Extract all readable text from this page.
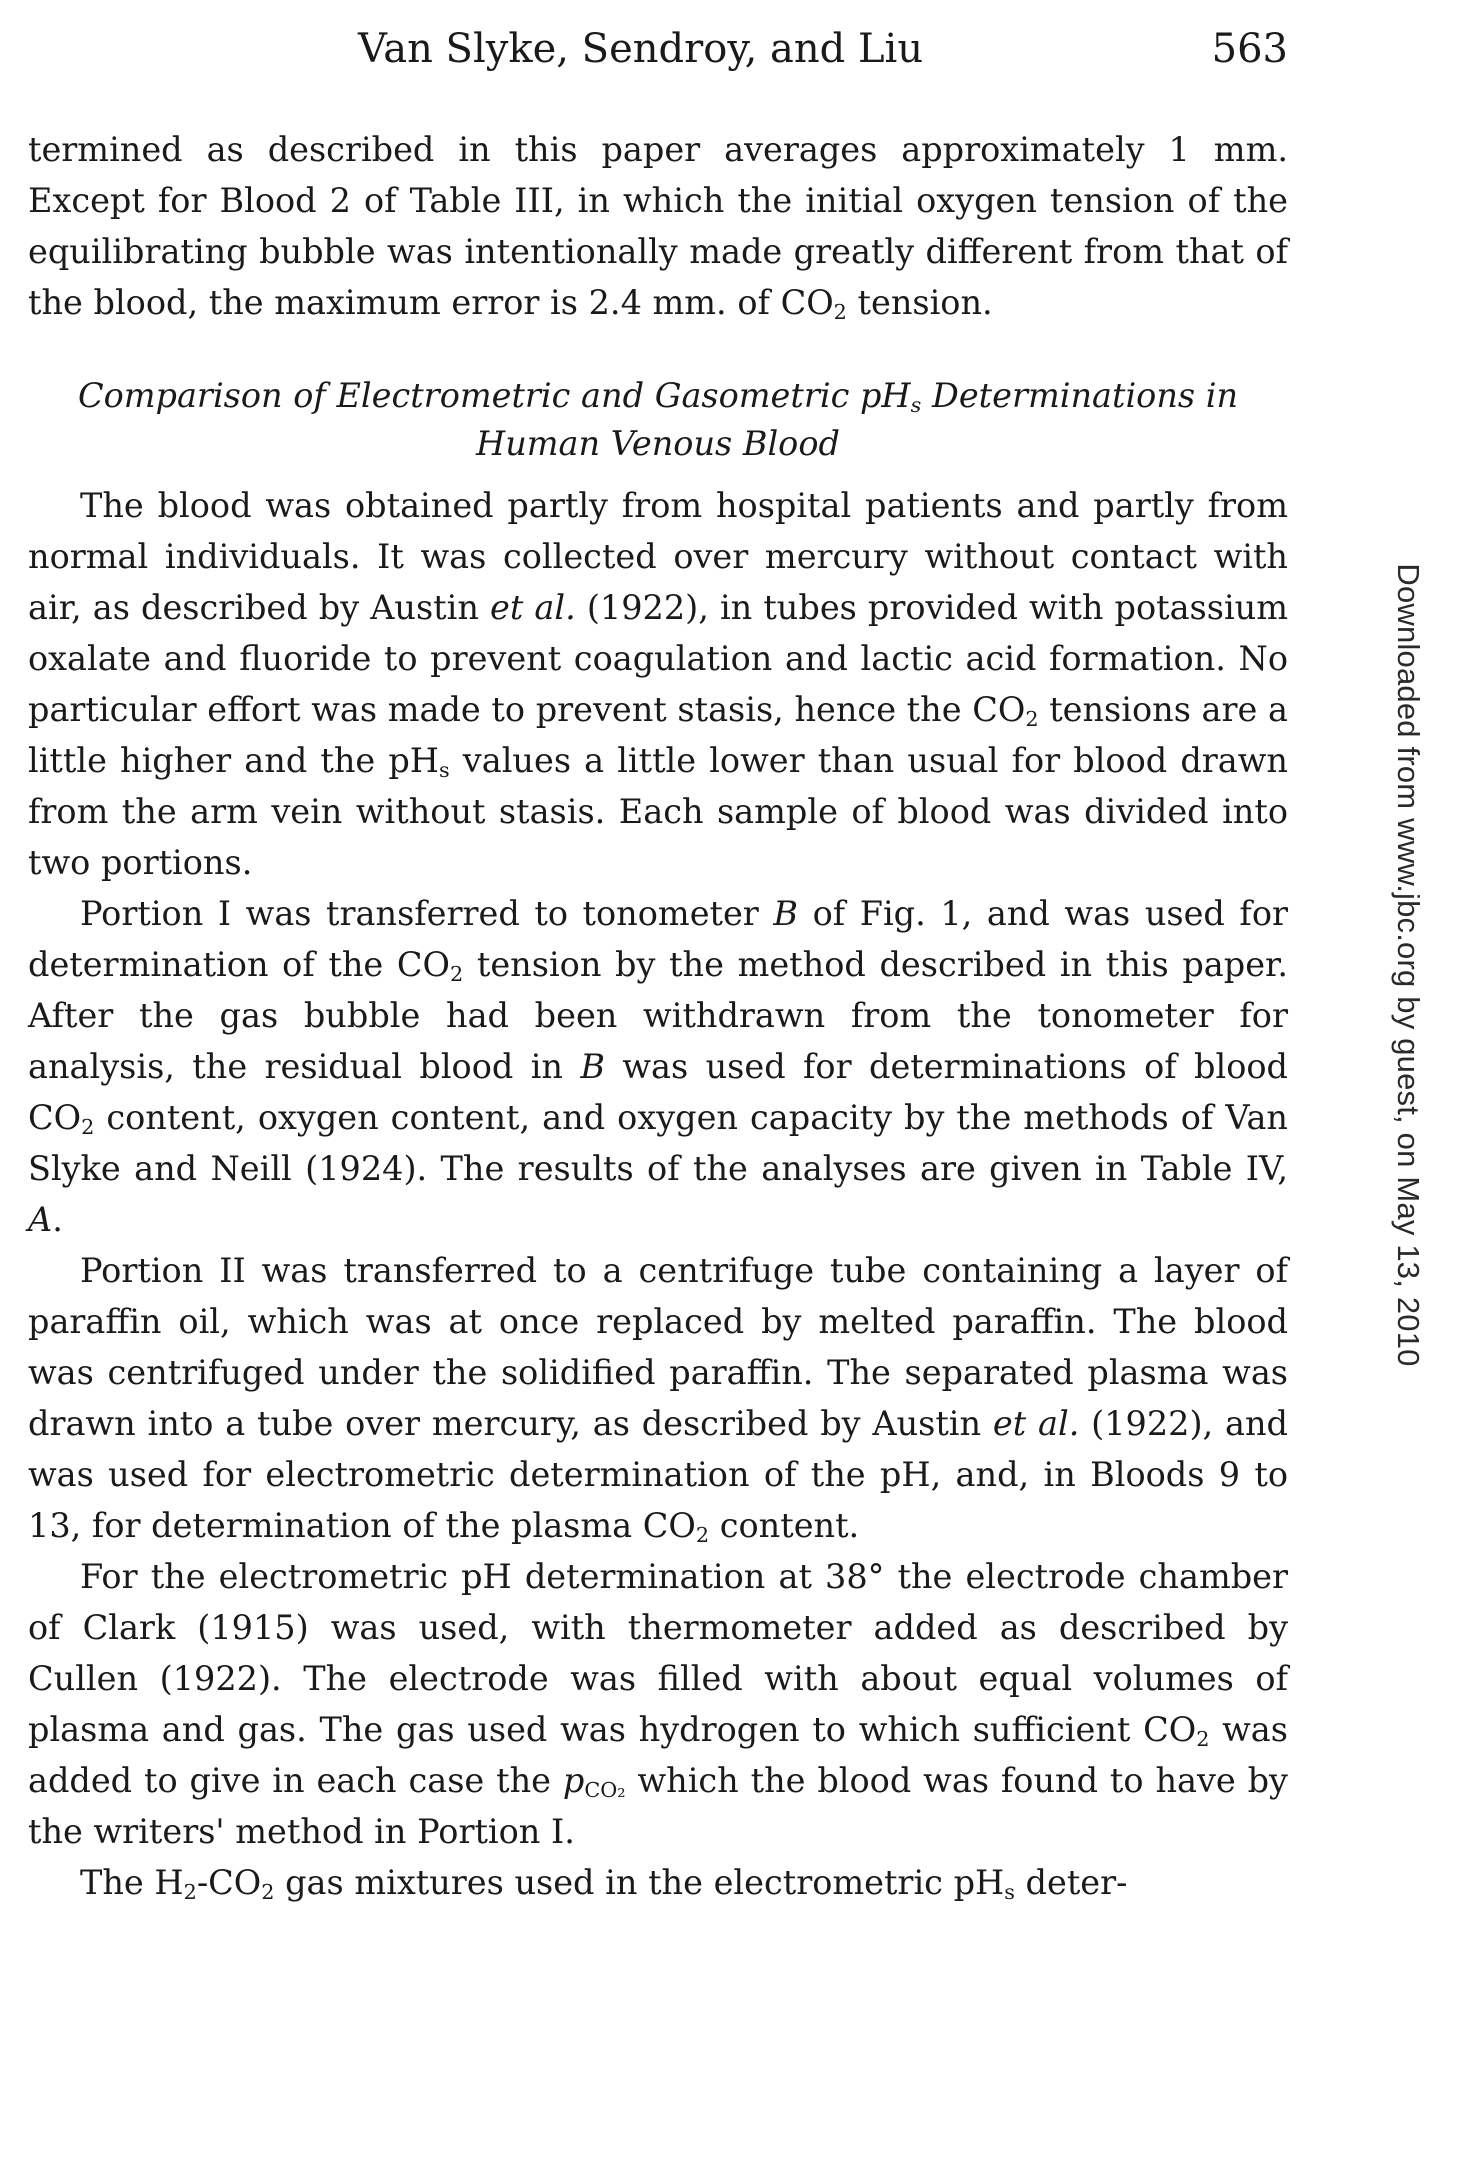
Van Slyke, Sendroy, and Liu	563

termined as described in this paper averages approximately 1 mm. Except for Blood 2 of Table III, in which the initial oxygen tension of the equilibrating bubble was intentionally made greatly different from that of the blood, the maximum error is 2.4 mm. of $CO_2$ tension.

Comparison of Electrometric and Gasometric $pH_s$ Determinations in
Human Venous Blood

The blood was obtained partly from hospital patients and partly from normal individuals. It was collected over mercury without contact with air, as described by Austin et al. (1922), in tubes provided with potassium oxalate and fluoride to prevent coagulation and lactic acid formation. No particular effort was made to prevent stasis, hence the $CO_2$ tensions are a little higher and the $pH_s$ values a little lower than usual for blood drawn from the arm vein without stasis. Each sample of blood was divided into two portions.

Portion I was transferred to tonometer B of Fig. 1, and was used for determination of the $CO_2$ tension by the method described in this paper. After the gas bubble had been withdrawn from the tonometer for analysis, the residual blood in B was used for determinations of blood $CO_2$ content, oxygen content, and oxygen capacity by the methods of Van Slyke and Neill (1924). The results of the analyses are given in Table IV, A.

Portion II was transferred to a centrifuge tube containing a layer of paraffin oil, which was at once replaced by melted paraffin. The blood was centrifuged under the solidified paraffin. The separated plasma was drawn into a tube over mercury, as described by Austin et al. (1922), and was used for electrometric determination of the pH, and, in Bloods 9 to 13, for determination of the plasma $CO_2$ content.

For the electrometric pH determination at 38° the electrode chamber of Clark (1915) was used, with thermometer added as described by Cullen (1922). The electrode was filled with about equal volumes of plasma and gas. The gas used was hydrogen to which sufficient $CO_2$ was added to give in each case the $p_{CO_2}$ which the blood was found to have by the writers' method in Portion I.

The $H_2-CO_2$ gas mixtures used in the electrometric $pH_s$ deter-

Downloaded from www.jbc.org by guest, on May 13, 2010
